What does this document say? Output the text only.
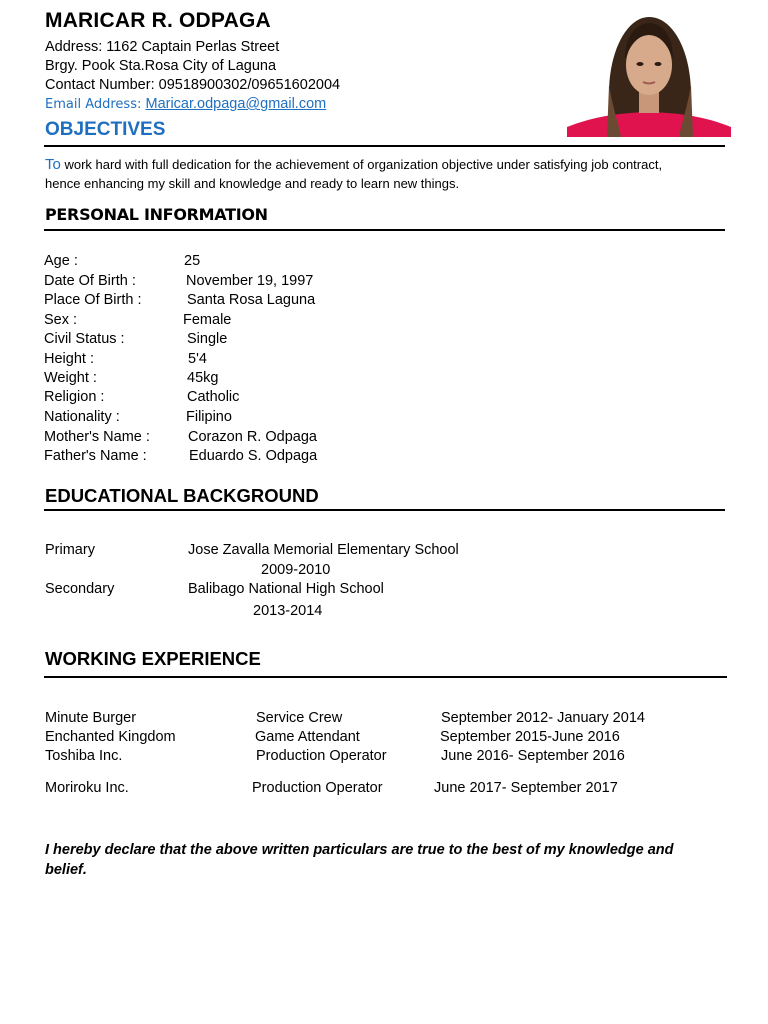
MARICAR R. ODPAGA
Address: 1162 Captain Perlas Street
Brgy. Pook Sta.Rosa City of Laguna
Contact Number: 09518900302/09651602004
Email Address: Maricar.odpaga@gmail.com
OBJECTIVES
To work hard with full dedication for the achievement of organization objective under satisfying job contract, hence enhancing my skill and knowledge and ready to learn new things.
PERSONAL INFORMATION
Age :	25
Date Of Birth :	November 19, 1997
Place Of Birth :	Santa Rosa Laguna
Sex :	Female
Civil Status :	Single
Height :	5'4
Weight :	45kg
Religion :	Catholic
Nationality :	Filipino
Mother's Name :	Corazon R. Odpaga
Father's Name :	Eduardo S. Odpaga
EDUCATIONAL BACKGROUND
Primary	Jose Zavalla Memorial Elementary School
2009-2010
Secondary	Balibago National High School
2013-2014
WORKING EXPERIENCE
Minute Burger	Service Crew	September 2012- January 2014
Enchanted Kingdom	Game Attendant	September 2015-June 2016
Toshiba Inc.	Production Operator	June 2016- September 2016
Moriroku Inc.	Production Operator	June 2017- September 2017
I hereby declare that the above written particulars are true to the best of my knowledge and belief.
